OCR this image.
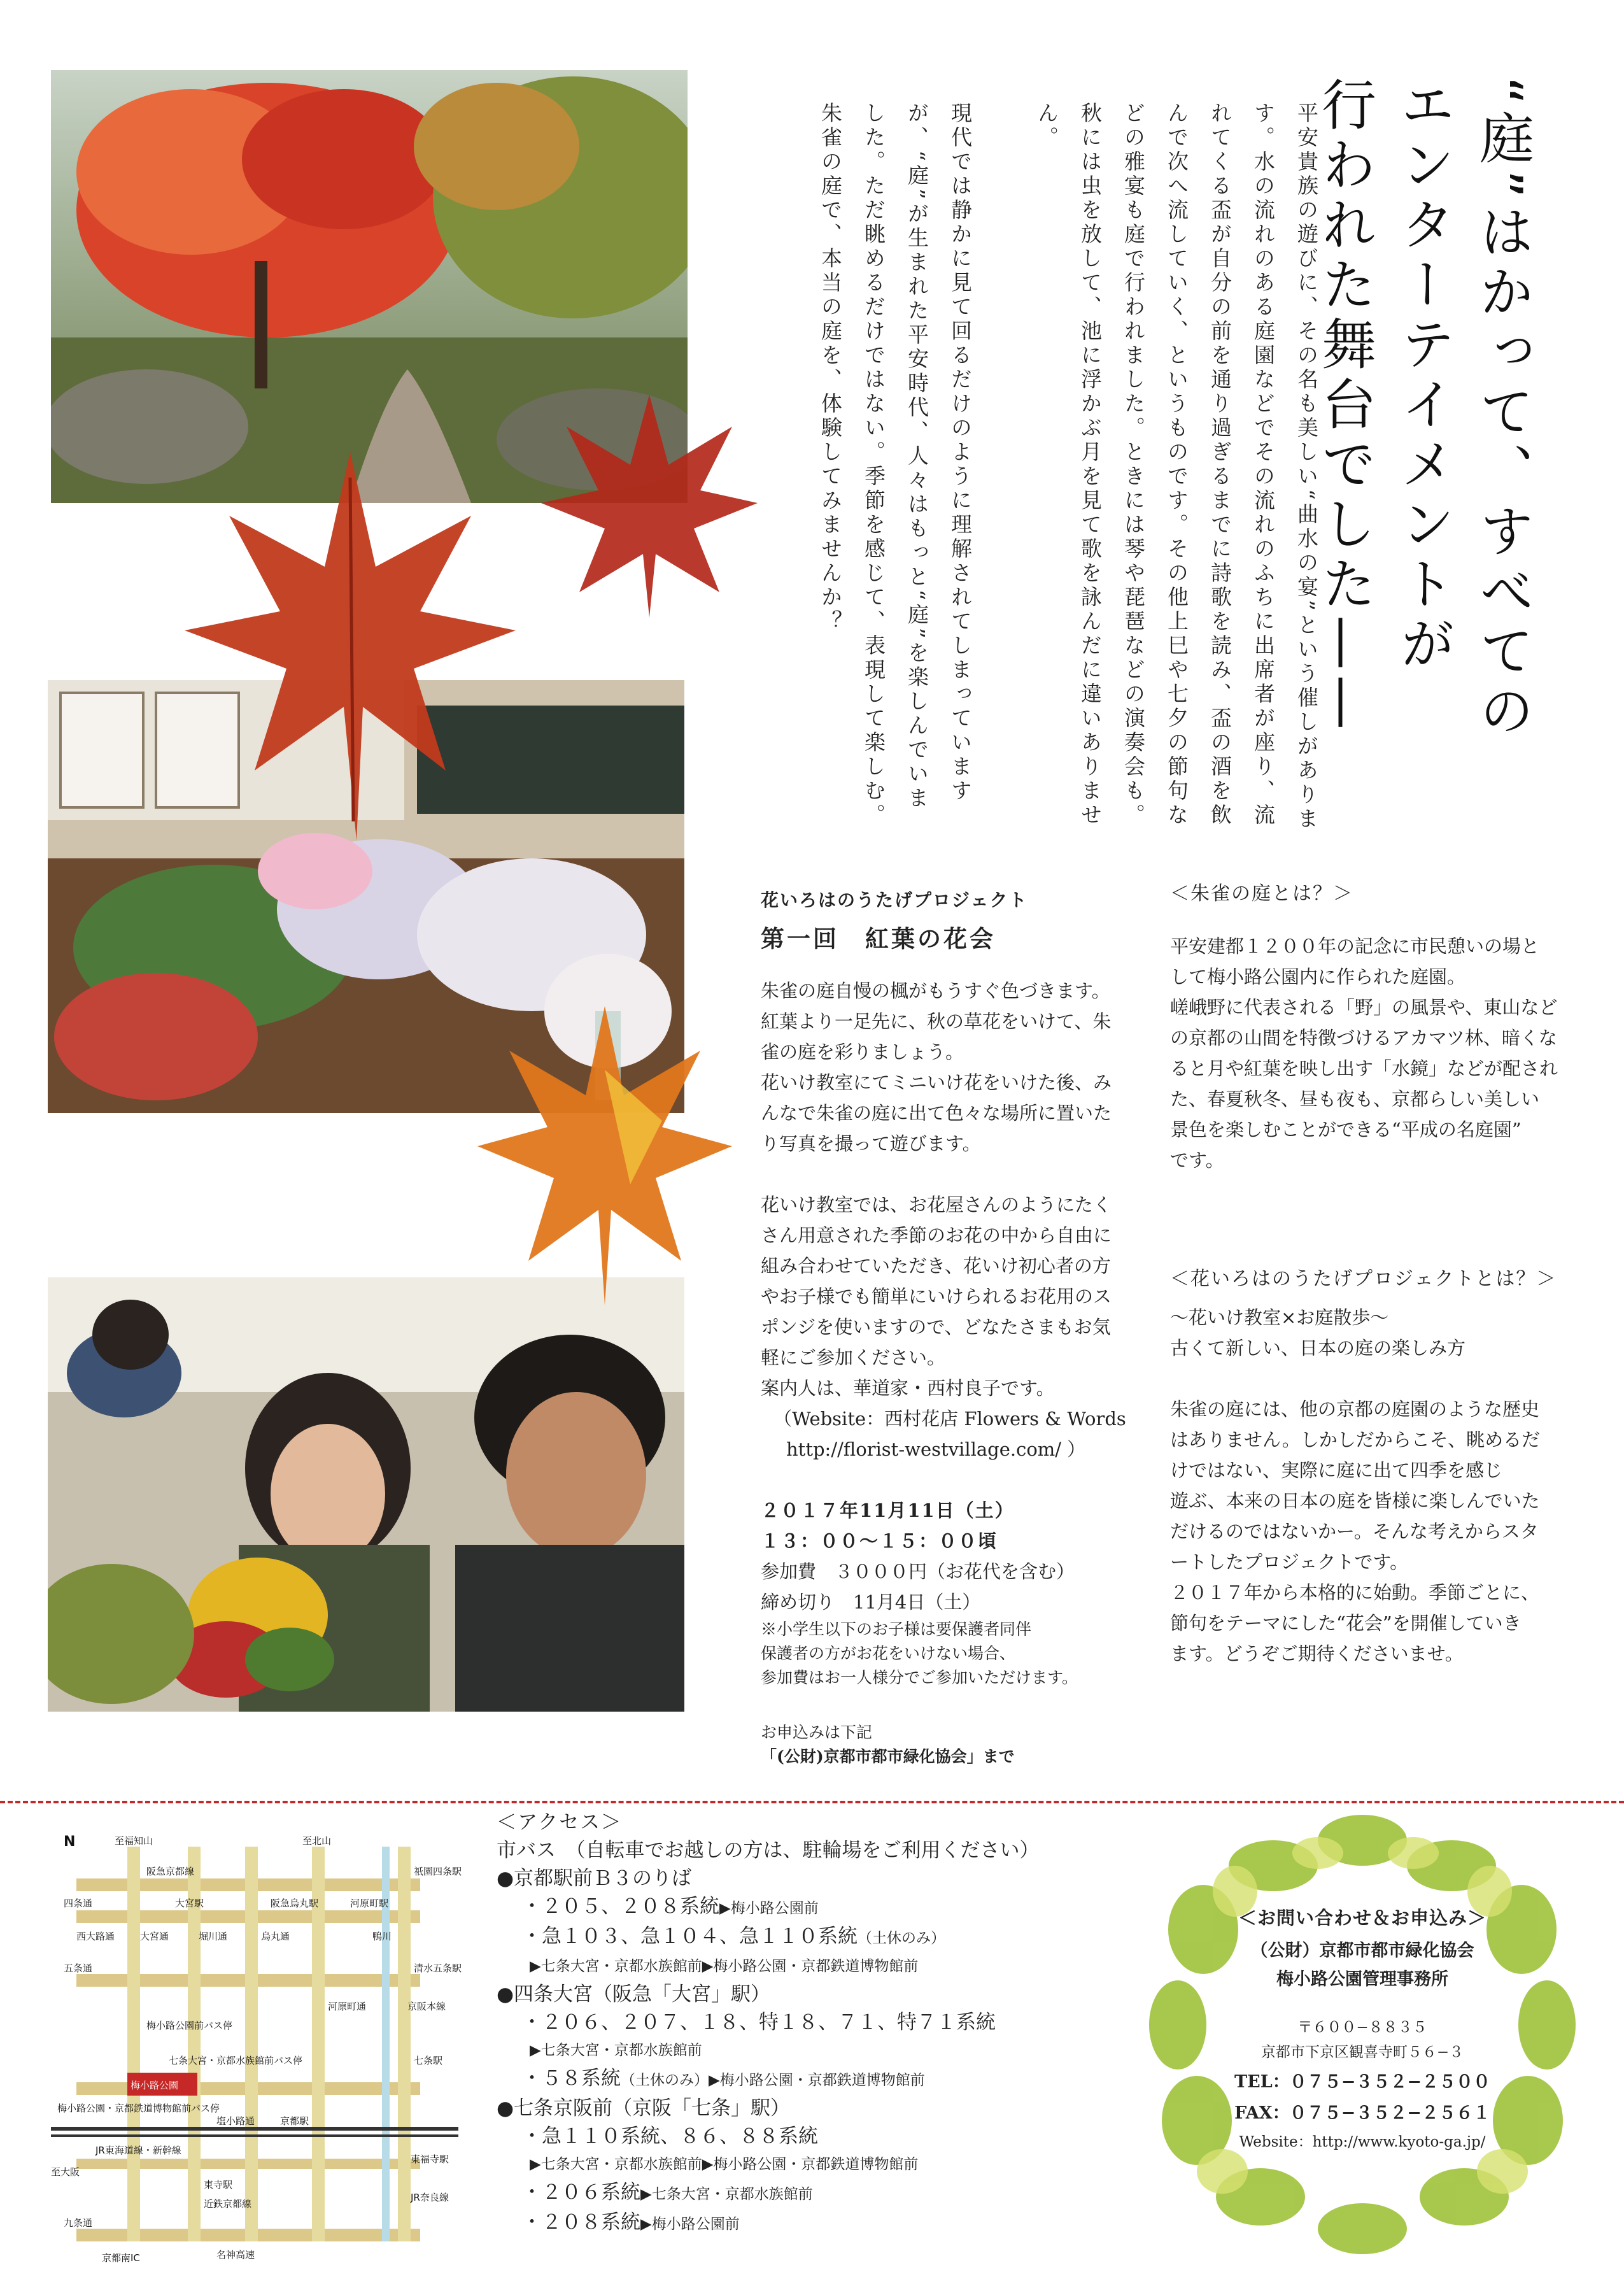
“庭”はかって、すべての
エンターテイメントが
行われた舞台でした——

平安貴族の遊びに、その名も美しい“曲水の宴”という催しがあります。水の流れのある庭園などでその流れのふちに出席者が座り、流れてくる盃が自分の前を通り過ぎるまでに詩歌を読み、盃の酒を飲んで次へ流していく、というものです。その他上巳や七夕の節句などの雅宴も庭で行われました。ときには琴や琵琶などの演奏会も。秋には虫を放して、池に浮かぶ月を見て歌を詠んだに違いありません。

現代では静かに見て回るだけのように理解されてしまっていますが、“庭”が生まれた平安時代、人々はもっと“庭”を楽しんでいました。ただ眺めるだけではない。季節を感じて、表現して楽しむ。朱雀の庭で、本当の庭を、体験してみませんか？

花いろはのうたげプロジェクト
第一回　紅葉の花会

朱雀の庭自慢の楓がもうすぐ色づきます。

紅葉より一足先に、秋の草花をいけて、朱

雀の庭を彩りましょう。

花いけ教室にてミニいけ花をいけた後、み

んなで朱雀の庭に出て色々な場所に置いた

り写真を撮って遊びます。

花いけ教室では、お花屋さんのようにたく

さん用意された季節のお花の中から自由に

組み合わせていただき、花いけ初心者の方

やお子様でも簡単にいけられるお花用のス

ポンジを使いますので、どなたさまもお気

軽にご参加ください。

案内人は、華道家・西村良子です。

（Website：西村花店 Flowers & Words

http://florist-westvillage.com/ ）

２０１７年11月11日（土）

１３：００〜１５：００頃

参加費　３０００円（お花代を含む）

締め切り　11月4日（土）

※小学生以下のお子様は要保護者同伴

保護者の方がお花をいけない場合、

参加費はお一人様分でご参加いただけます。

お申込みは下記

「(公財)京都市都市緑化協会」まで

＜朱雀の庭とは？＞

平安建都１２００年の記念に市民憩いの場と

して梅小路公園内に作られた庭園。

嵯峨野に代表される「野」の風景や、東山など

の京都の山間を特徴づけるアカマツ林、暗くな

ると月や紅葉を映し出す「水鏡」などが配され

た、春夏秋冬、昼も夜も、京都らしい美しい

景色を楽しむことができる“平成の名庭園”

です。

＜花いろはのうたげプロジェクトとは？＞

〜花いけ教室×お庭散歩〜

古くて新しい、日本の庭の楽しみ方

朱雀の庭には、他の京都の庭園のような歴史

はありません。しかしだからこそ、眺めるだ

けではない、実際に庭に出て四季を感じ

遊ぶ、本来の日本の庭を皆様に楽しんでいた

だけるのではないかー。そんな考えからスタ

ートしたプロジェクトです。

２０１７年から本格的に始動。季節ごとに、

節句をテーマにした“花会”を開催していき

ます。どうぞご期待くださいませ。

梅小路公園
N	至福知山	至北山
阪急京都線	祇園四条駅
四条通	大宮駅	阪急烏丸駅	河原町駅
五条通	清水五条駅
梅小路公園前バス停
七条大宮・京都水族館前バス停	七条駅
梅小路公園・京都鉄道博物館前バス停
塩小路通	京都駅
JR東海道線・新幹線
至大阪
東福寺駅
JR奈良線
九条通
東寺駅
近鉄京都線
名神高速
京都南IC
堀川通	烏丸通
河原町通
鴨川
西大路通	大宮通
京阪本線
＜アクセス＞
市バス　（自転車でお越しの方は、駐輪場をご利用ください）
●京都駅前Ｂ３のりば
・２０５、２０８系統▶梅小路公園前
・急１０３、急１０４、急１１０系統（土休のみ）
▶七条大宮・京都水族館前▶梅小路公園・京都鉄道博物館前
●四条大宮（阪急「大宮」駅）
・２０６、２０７、１８、特１８、７１、特７１系統
▶七条大宮・京都水族館前
・５８系統（土休のみ）▶梅小路公園・京都鉄道博物館前
●七条京阪前（京阪「七条」駅）
・急１１０系統、８６、８８系統
▶七条大宮・京都水族館前▶梅小路公園・京都鉄道博物館前
・２０６系統▶七条大宮・京都水族館前
・２０８系統▶梅小路公園前
＜お問い合わせ＆お申込み＞
（公財）京都市都市緑化協会
梅小路公園管理事務所
〒６００−８８３５
京都市下京区観喜寺町５６−３
TEL：０７５−３５２−２５００
FAX：０７５−３５２−２５６１
Website：http://www.kyoto-ga.jp/
